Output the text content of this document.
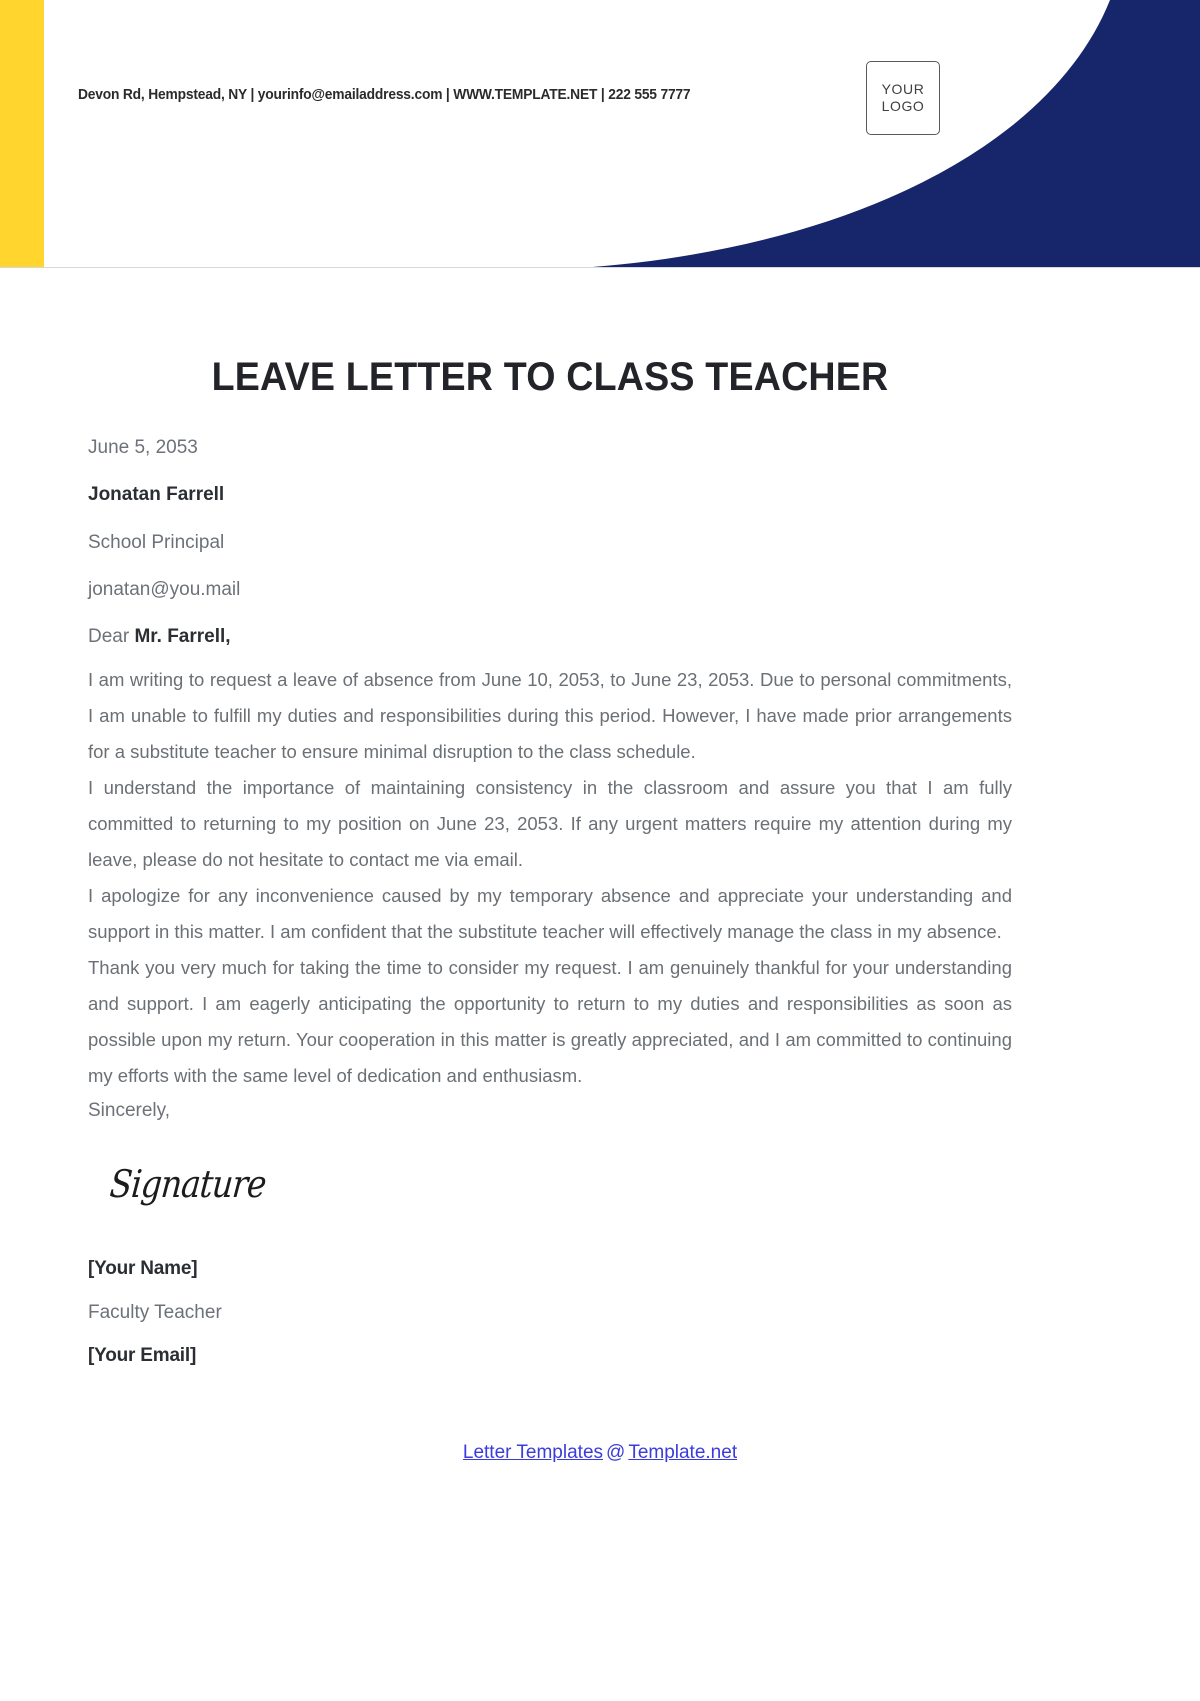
Devon Rd, Hempstead, NY | yourinfo@emailaddress.com | WWW.TEMPLATE.NET | 222 555 7777	YOUR
LOGO
LEAVE LETTER TO CLASS TEACHER

June 5, 2053

Jonatan Farrell

School Principal

jonatan@you.mail

Dear Mr. Farrell,

I am writing to request a leave of absence from June 10, 2053, to June 23, 2053. Due to personal commitments, I am unable to fulfill my duties and responsibilities during this period. However, I have made prior arrangements for a substitute teacher to ensure minimal disruption to the class schedule.

I understand the importance of maintaining consistency in the classroom and assure you that I am fully committed to returning to my position on June 23, 2053. If any urgent matters require my attention during my leave, please do not hesitate to contact me via email.

I apologize for any inconvenience caused by my temporary absence and appreciate your understanding and support in this matter. I am confident that the substitute teacher will effectively manage the class in my absence.

Thank you very much for taking the time to consider my request. I am genuinely thankful for your understanding and support. I am eagerly anticipating the opportunity to return to my duties and responsibilities as soon as possible upon my return. Your cooperation in this matter is greatly appreciated, and I am committed to continuing my efforts with the same level of dedication and enthusiasm.

Sincerely,

Signature

[Your Name]

Faculty Teacher

[Your Email]

Letter Templates @ Template.net
